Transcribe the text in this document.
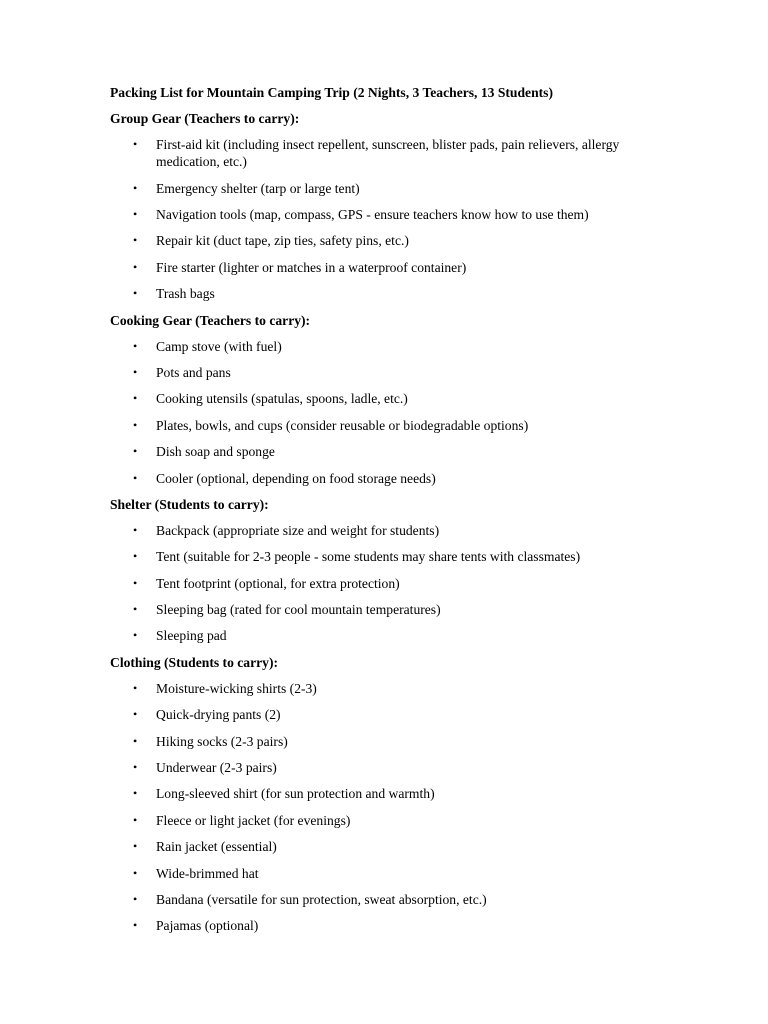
Packing List for Mountain Camping Trip (2 Nights, 3 Teachers, 13 Students)
Group Gear (Teachers to carry):
• First-aid kit (including insect repellent, sunscreen, blister pads, pain relievers, allergy medication, etc.)
• Emergency shelter (tarp or large tent)
• Navigation tools (map, compass, GPS - ensure teachers know how to use them)
• Repair kit (duct tape, zip ties, safety pins, etc.)
• Fire starter (lighter or matches in a waterproof container)
• Trash bags
Cooking Gear (Teachers to carry):
• Camp stove (with fuel)
• Pots and pans
• Cooking utensils (spatulas, spoons, ladle, etc.)
• Plates, bowls, and cups (consider reusable or biodegradable options)
• Dish soap and sponge
• Cooler (optional, depending on food storage needs)
Shelter (Students to carry):
• Backpack (appropriate size and weight for students)
• Tent (suitable for 2-3 people - some students may share tents with classmates)
• Tent footprint (optional, for extra protection)
• Sleeping bag (rated for cool mountain temperatures)
• Sleeping pad
Clothing (Students to carry):
• Moisture-wicking shirts (2-3)
• Quick-drying pants (2)
• Hiking socks (2-3 pairs)
• Underwear (2-3 pairs)
• Long-sleeved shirt (for sun protection and warmth)
• Fleece or light jacket (for evenings)
• Rain jacket (essential)
• Wide-brimmed hat
• Bandana (versatile for sun protection, sweat absorption, etc.)
• Pajamas (optional)
